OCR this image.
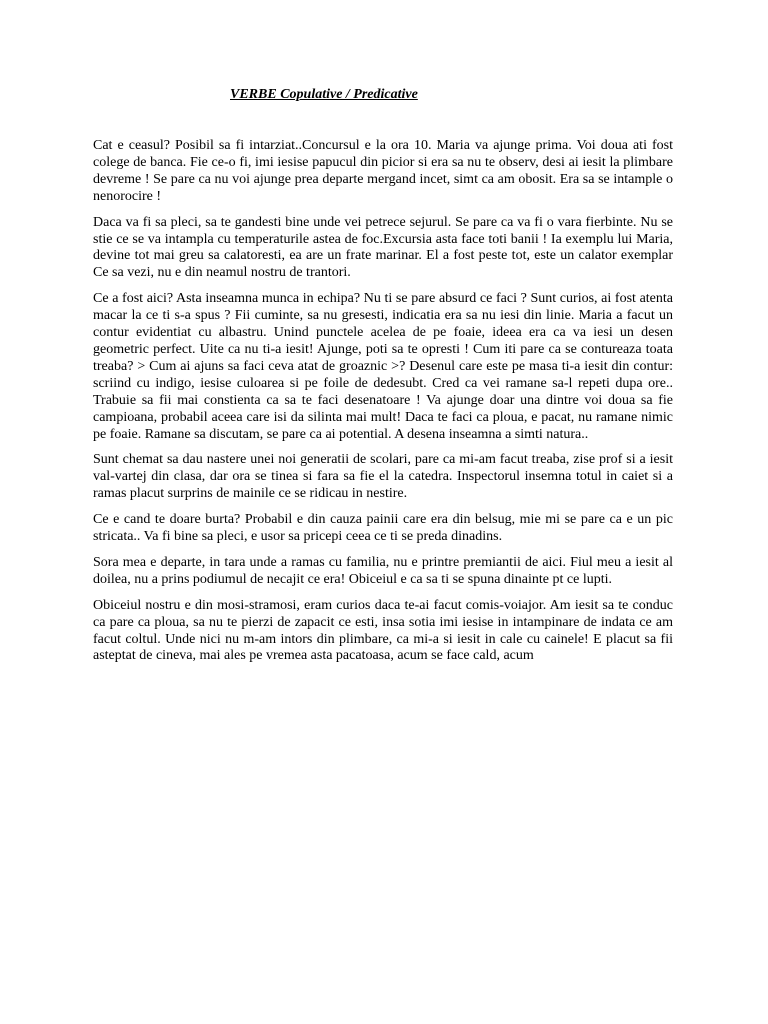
VERBE Copulative / Predicative

Cat e ceasul? Posibil sa fi intarziat..Concursul e la ora 10. Maria va ajunge prima. Voi doua ati fost colege de banca. Fie ce-o fi, imi iesise papucul din picior si era sa nu te observ, desi ai iesit la plimbare devreme ! Se pare ca nu voi ajunge prea departe mergand incet, simt ca am obosit. Era sa se intample o nenorocire !

Daca va fi sa pleci, sa te gandesti bine unde vei petrece sejurul. Se pare ca va fi o vara fierbinte. Nu se stie ce se va intampla cu temperaturile astea de foc.Excursia asta face toti banii ! Ia exemplu lui Maria, devine tot mai greu sa calatoresti, ea are un frate marinar. El a fost peste tot, este un calator exemplar Ce sa vezi, nu e din neamul nostru de trantori.

Ce a fost aici? Asta inseamna munca in echipa? Nu ti se pare absurd ce faci ? Sunt curios, ai fost atenta macar la ce ti s-a spus ? Fii cuminte, sa nu gresesti, indicatia era sa nu iesi din linie. Maria a facut un contur evidentiat cu albastru. Unind punctele acelea de pe foaie, ideea era ca va iesi un desen geometric perfect. Uite ca nu ti-a iesit! Ajunge, poti sa te opresti ! Cum iti pare ca se contureaza toata treaba? > Cum ai ajuns sa faci ceva atat de groaznic >? Desenul care este pe masa ti-a iesit din contur: scriind cu indigo, iesise culoarea si pe foile de dedesubt. Cred ca vei ramane sa-l repeti dupa ore.. Trabuie sa fii mai constienta ca sa te faci desenatoare ! Va ajunge doar una dintre voi doua sa fie campioana, probabil aceea care isi da silinta mai mult! Daca te faci ca ploua, e pacat, nu ramane nimic pe foaie. Ramane sa discutam, se pare ca ai potential. A desena inseamna a simti natura..

Sunt chemat sa dau nastere unei noi generatii de scolari, pare ca mi-am facut treaba, zise prof si a iesit val-vartej din clasa, dar ora se tinea si fara sa fie el la catedra. Inspectorul insemna totul in caiet si a ramas placut surprins de mainile ce se ridicau in nestire.

Ce e cand te doare burta? Probabil e din cauza painii care era din belsug, mie mi se pare ca e un pic stricata.. Va fi bine sa pleci, e usor sa pricepi ceea ce ti se preda dinadins.

Sora mea e departe, in tara unde a ramas cu familia, nu e printre premiantii de aici. Fiul meu a iesit al doilea, nu a prins podiumul de necajit ce era! Obiceiul e ca sa ti se spuna dinainte pt ce lupti.

Obiceiul nostru e din mosi-stramosi, eram curios daca te-ai facut comis-voiajor. Am iesit sa te conduc ca pare ca ploua, sa nu te pierzi de zapacit ce esti, insa sotia imi iesise in intampinare de indata ce am facut coltul. Unde nici nu m-am intors din plimbare, ca mi-a si iesit in cale cu cainele! E placut sa fii asteptat de cineva, mai ales pe vremea asta pacatoasa, acum se face cald, acum
